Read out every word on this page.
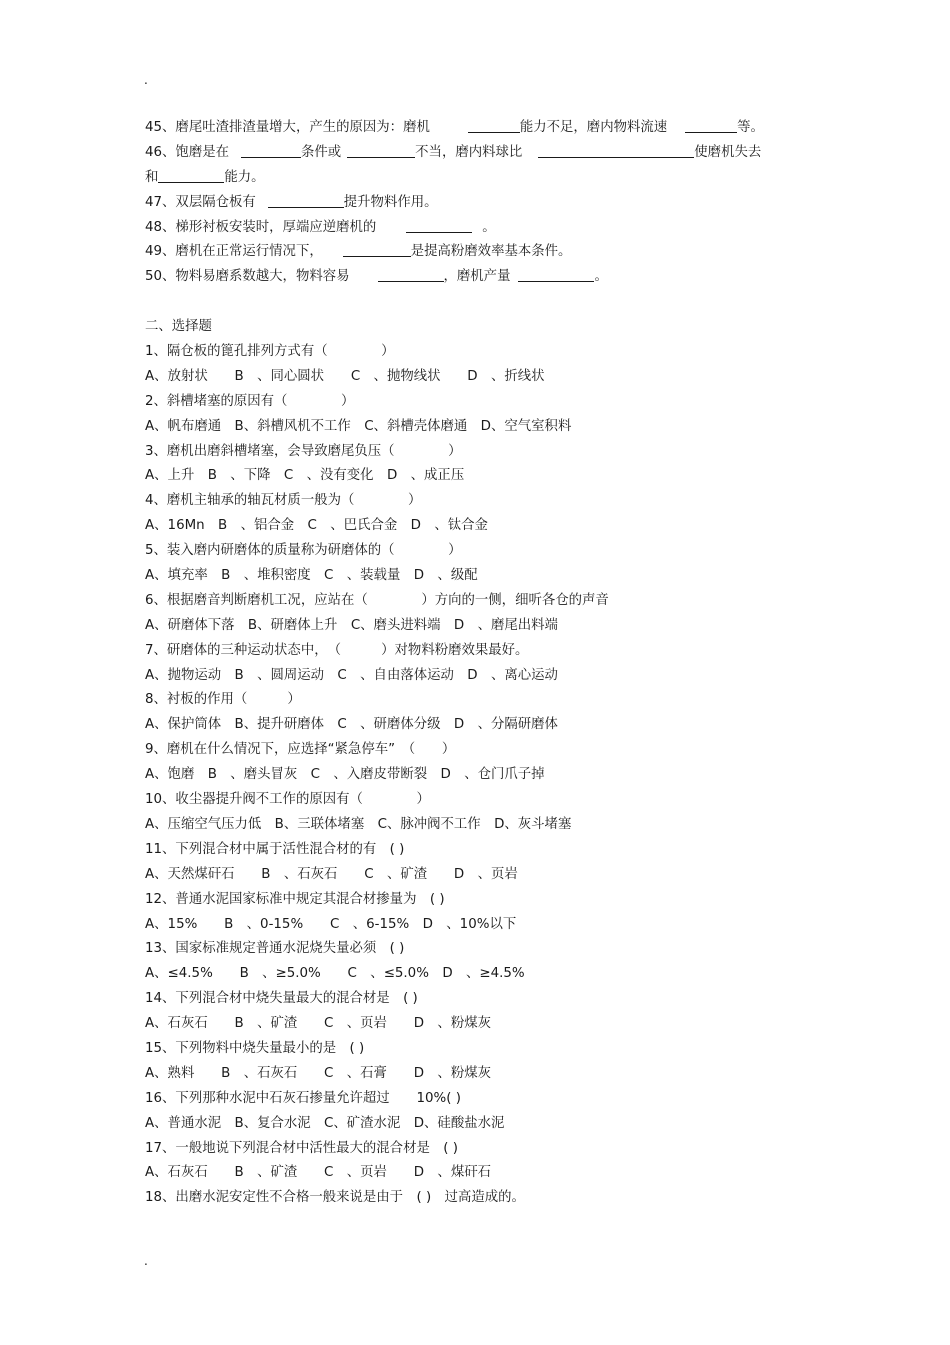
.
45、磨尾吐渣排渣量增大，产生的原因为：磨机	能力不足，磨内物料流速	等。
46、饱磨是在	条件或	不当，磨内料球比	使磨机失去
和	能力。
47、双层隔仓板有	提升物料作用。
48、梯形衬板安装时，厚端应逆磨机的	。
49、磨机在正常运行情况下，	是提高粉磨效率基本条件。
50、物料易磨系数越大，物料容易	，磨机产量	。
二、选择题
1、隔仓板的篦孔排列方式有（　　　　）
A、放射状　　B　、同心圆状　　C　、抛物线状　　D　、折线状
2、斜槽堵塞的原因有（　　　　）
A、帆布磨通　B、斜槽风机不工作　C、斜槽壳体磨通　D、空气室积料
3、磨机出磨斜槽堵塞，会导致磨尾负压（　　　　）
A、上升　B　、下降　C　、没有变化　D　、成正压
4、磨机主轴承的轴瓦材质一般为（　　　　）
A、16Mn　B　、铝合金　C　、巴氏合金　D　、钛合金
5、装入磨内研磨体的质量称为研磨体的（　　　　）
A、填充率　B　、堆积密度　C　、装载量　D　、级配
6、根据磨音判断磨机工况，应站在（　　　　）方向的一侧，细听各仓的声音
A、研磨体下落　B、研磨体上升　C、磨头进料端　D　、磨尾出料端
7、研磨体的三种运动状态中，　（　　　）对物料粉磨效果最好。
A、抛物运动　B　、圆周运动　C　、自由落体运动　D　、离心运动
8、衬板的作用（　　　）
A、保护筒体　B、提升研磨体　C　、研磨体分级　D　、分隔研磨体
9、磨机在什么情况下，应选择“紧急停车”　（　　）
A、饱磨　B　、磨头冒灰　C　、入磨皮带断裂　D　、仓门爪子掉
10、收尘器提升阀不工作的原因有（　　　　）
A、压缩空气压力低　B、三联体堵塞　C、脉冲阀不工作　D、灰斗堵塞
11、下列混合材中属于活性混合材的有　( )
A、天然煤矸石　　B　、石灰石　　C　、矿渣　　D　、页岩
12、普通水泥国家标准中规定其混合材掺量为　( )
A、15%　　B　、0-15%　　C　、6-15%　D　、10%以下
13、国家标准规定普通水泥烧失量必须　( )
A、≤4.5%　　B　、≥5.0%　　C　、≤5.0%　D　、≥4.5%
14、下列混合材中烧失量最大的混合材是　( )
A、石灰石　　B　、矿渣　　C　、页岩　　D　、粉煤灰
15、下列物料中烧失量最小的是　( )
A、熟料　　B　、石灰石　　C　、石膏　　D　、粉煤灰
16、下列那种水泥中石灰石掺量允许超过　　10%( )
A、普通水泥　B、复合水泥　C、矿渣水泥　D、硅酸盐水泥
17、一般地说下列混合材中活性最大的混合材是　( )
A、石灰石　　B　、矿渣　　C　、页岩　　D　、煤矸石
18、出磨水泥安定性不合格一般来说是由于　( )　过高造成的。
.
